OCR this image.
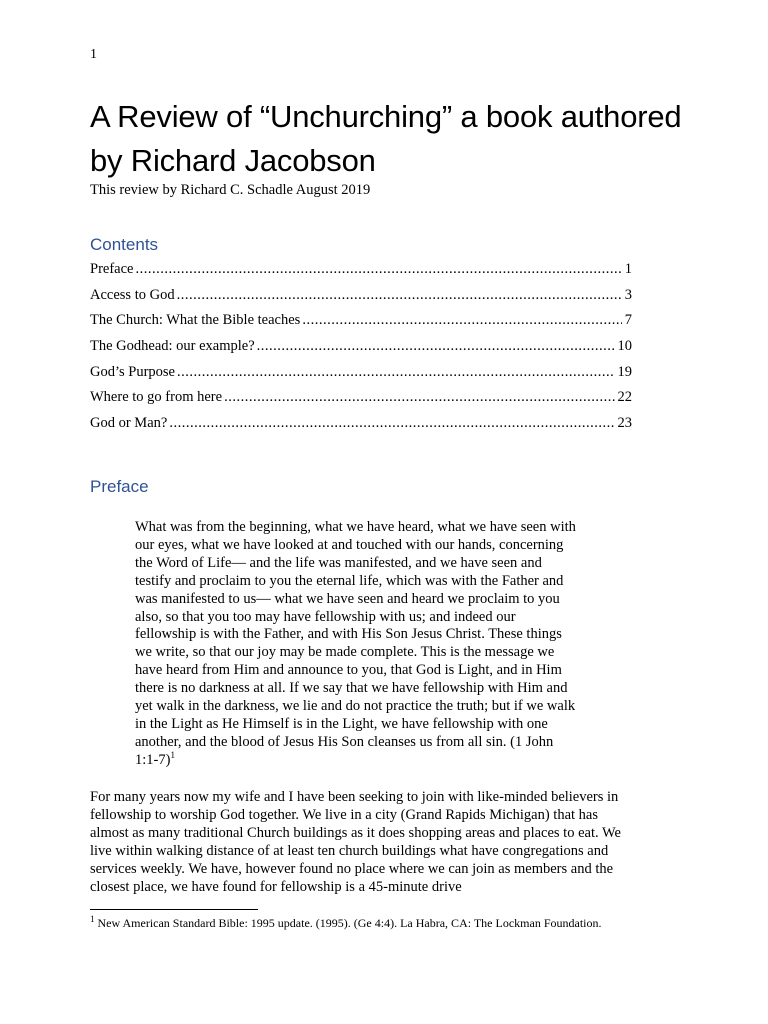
1
A Review of “Unchurching” a book authored by Richard Jacobson
This review by Richard C. Schadle August 2019
Contents
Preface .....	1
Access to God .....	3
The Church: What the Bible teaches .....	7
The Godhead: our example? .....	10
God’s Purpose .....	19
Where to go from here .....	22
God or Man? .....	23
Preface
What was from the beginning, what we have heard, what we have seen with our eyes, what we have looked at and touched with our hands, concerning the Word of Life— and the life was manifested, and we have seen and testify and proclaim to you the eternal life, which was with the Father and was manifested to us— what we have seen and heard we proclaim to you also, so that you too may have fellowship with us; and indeed our fellowship is with the Father, and with His Son Jesus Christ. These things we write, so that our joy may be made complete. This is the message we have heard from Him and announce to you, that God is Light, and in Him there is no darkness at all. If we say that we have fellowship with Him and yet walk in the darkness, we lie and do not practice the truth; but if we walk in the Light as He Himself is in the Light, we have fellowship with one another, and the blood of Jesus His Son cleanses us from all sin. (1 John 1:1-7)$^1$

For many years now my wife and I have been seeking to join with like-minded believers in fellowship to worship God together. We live in a city (Grand Rapids Michigan) that has almost as many traditional Church buildings as it does shopping areas and places to eat. We live within walking distance of at least ten church buildings what have congregations and services weekly. We have, however found no place where we can join as members and the closest place, we have found for fellowship is a 45-minute drive

$^1$ New American Standard Bible: 1995 update. (1995). (Ge 4:4). La Habra, CA: The Lockman Foundation.
